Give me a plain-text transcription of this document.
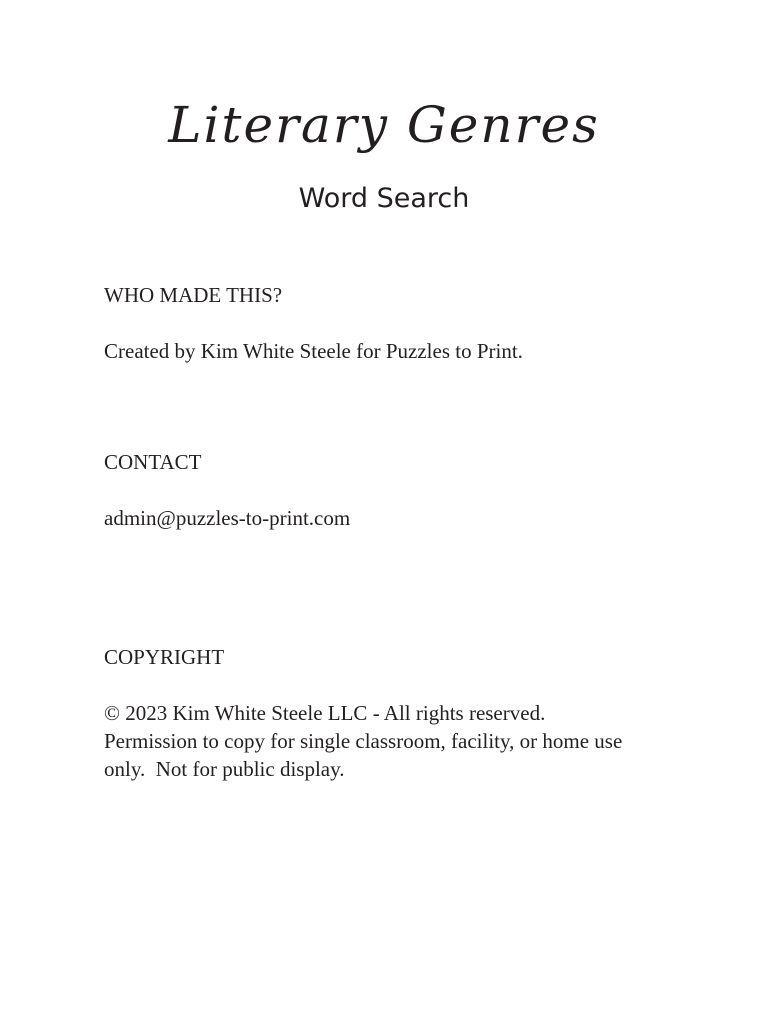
Literary Genres
Word Search

WHO MADE THIS?

Created by Kim White Steele for Puzzles to Print.

CONTACT

admin@puzzles-to-print.com

COPYRIGHT

© 2023 Kim White Steele LLC - All rights reserved.
Permission to copy for single classroom, facility, or home use
only.  Not for public display.
